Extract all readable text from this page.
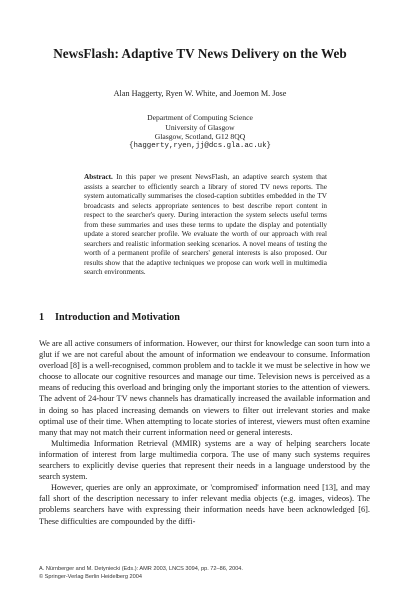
NewsFlash: Adaptive TV News Delivery on the Web
Alan Haggerty, Ryen W. White, and Joemon M. Jose
Department of Computing Science
University of Glasgow
Glasgow, Scotland, G12 8QQ
{haggerty,ryen,jj@dcs.gla.ac.uk}
Abstract. In this paper we present NewsFlash, an adaptive search system that assists a searcher to efficiently search a library of stored TV news reports. The system automatically summarises the closed-caption subtitles embedded in the TV broadcasts and selects appropriate sentences to best describe report content in respect to the searcher's query. During interaction the system selects useful terms from these summaries and uses these terms to update the display and potentially update a stored searcher profile. We evaluate the worth of our approach with real searchers and realistic information seeking scenarios. A novel means of testing the worth of a permanent profile of searchers' general interests is also proposed. Our results show that the adaptive techniques we propose can work well in multimedia search environments.
1 Introduction and Motivation

We are all active consumers of information. However, our thirst for knowledge can soon turn into a glut if we are not careful about the amount of information we endeavour to consume. Information overload [8] is a well-recognised, common problem and to tackle it we must be selective in how we choose to allocate our cognitive resources and manage our time. Television news is perceived as a means of reducing this overload and bringing only the important stories to the attention of viewers. The advent of 24-hour TV news channels has dramatically increased the available information and in doing so has placed increasing demands on viewers to filter out irrelevant stories and make optimal use of their time. When attempting to locate stories of interest, viewers must often examine many that may not match their current information need or general interests.

Multimedia Information Retrieval (MMIR) systems are a way of helping searchers locate information of interest from large multimedia corpora. The use of many such systems requires searchers to explicitly devise queries that represent their needs in a language understood by the search system.

However, queries are only an approximate, or 'compromised' information need [13], and may fall short of the description necessary to infer relevant media objects (e.g. images, videos). The problems searchers have with expressing their information needs have been acknowledged [6]. These difficulties are compounded by the diffi-

A. Nürnberger and M. Detyniecki (Eds.): AMR 2003, LNCS 3094, pp. 72–86, 2004.
© Springer-Verlag Berlin Heidelberg 2004
